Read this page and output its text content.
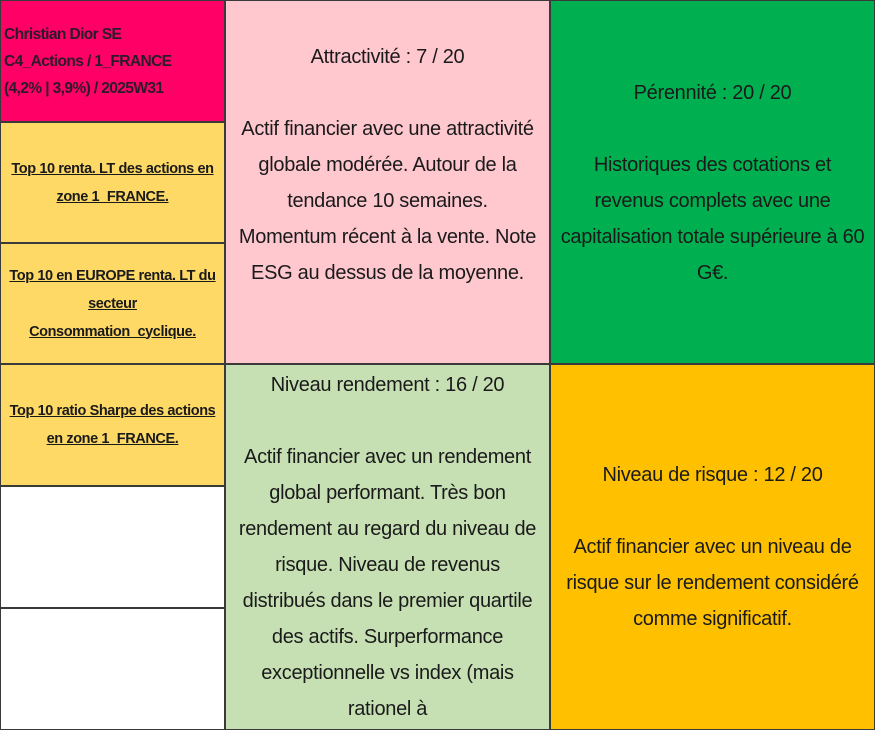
Christian Dior SE
C4_Actions / 1_FRANCE
(4,2% | 3,9%) / 2025W31
Top 10 renta. LT des actions en zone 1_FRANCE.
Top 10 en EUROPE renta. LT du secteur Consommation_cyclique.
Top 10 ratio Sharpe des actions en zone 1_FRANCE.
Attractivité : 7 / 20
Actif financier avec une attractivité globale modérée. Autour de la tendance 10 semaines. Momentum récent à la vente. Note ESG au dessus de la moyenne.
Niveau rendement : 16 / 20
Actif financier avec un rendement global performant. Très bon rendement au regard du niveau de risque. Niveau de revenus distribués dans le premier quartile des actifs. Surperformance exceptionnelle vs index (mais rationel à
Pérennité : 20 / 20
Historiques des cotations et revenus complets avec une capitalisation totale supérieure à 60 G€.
Niveau de risque : 12 / 20
Actif financier avec un niveau de risque sur le rendement considéré comme significatif.
